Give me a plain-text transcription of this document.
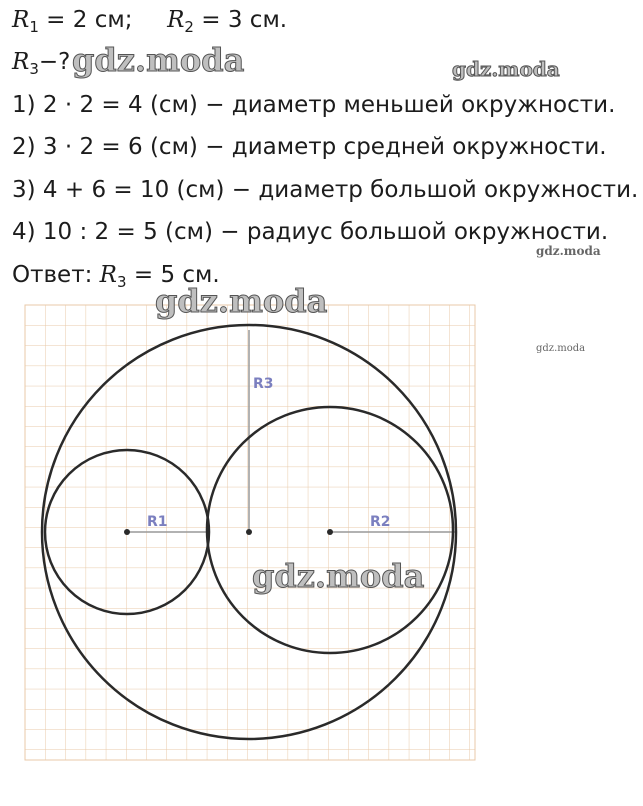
$R_1 = 2$ см; $R_2 = 3$ см.
$R_3-$?
1) 2 · 2 = 4 (см) − диаметр меньшей окружности.
2) 3 · 2 = 6 (см) − диаметр средней окружности.
3) 4 + 6 = 10 (см) − диаметр большой окружности.
4) 10 : 2 = 5 (см) − радиус большой окружности.
Ответ: $R_3 = 5$ см.
R1	R2
R3
gdz.moda
gdz.moda
gdz.moda
gdz.moda
gdz.moda
gdz.moda
